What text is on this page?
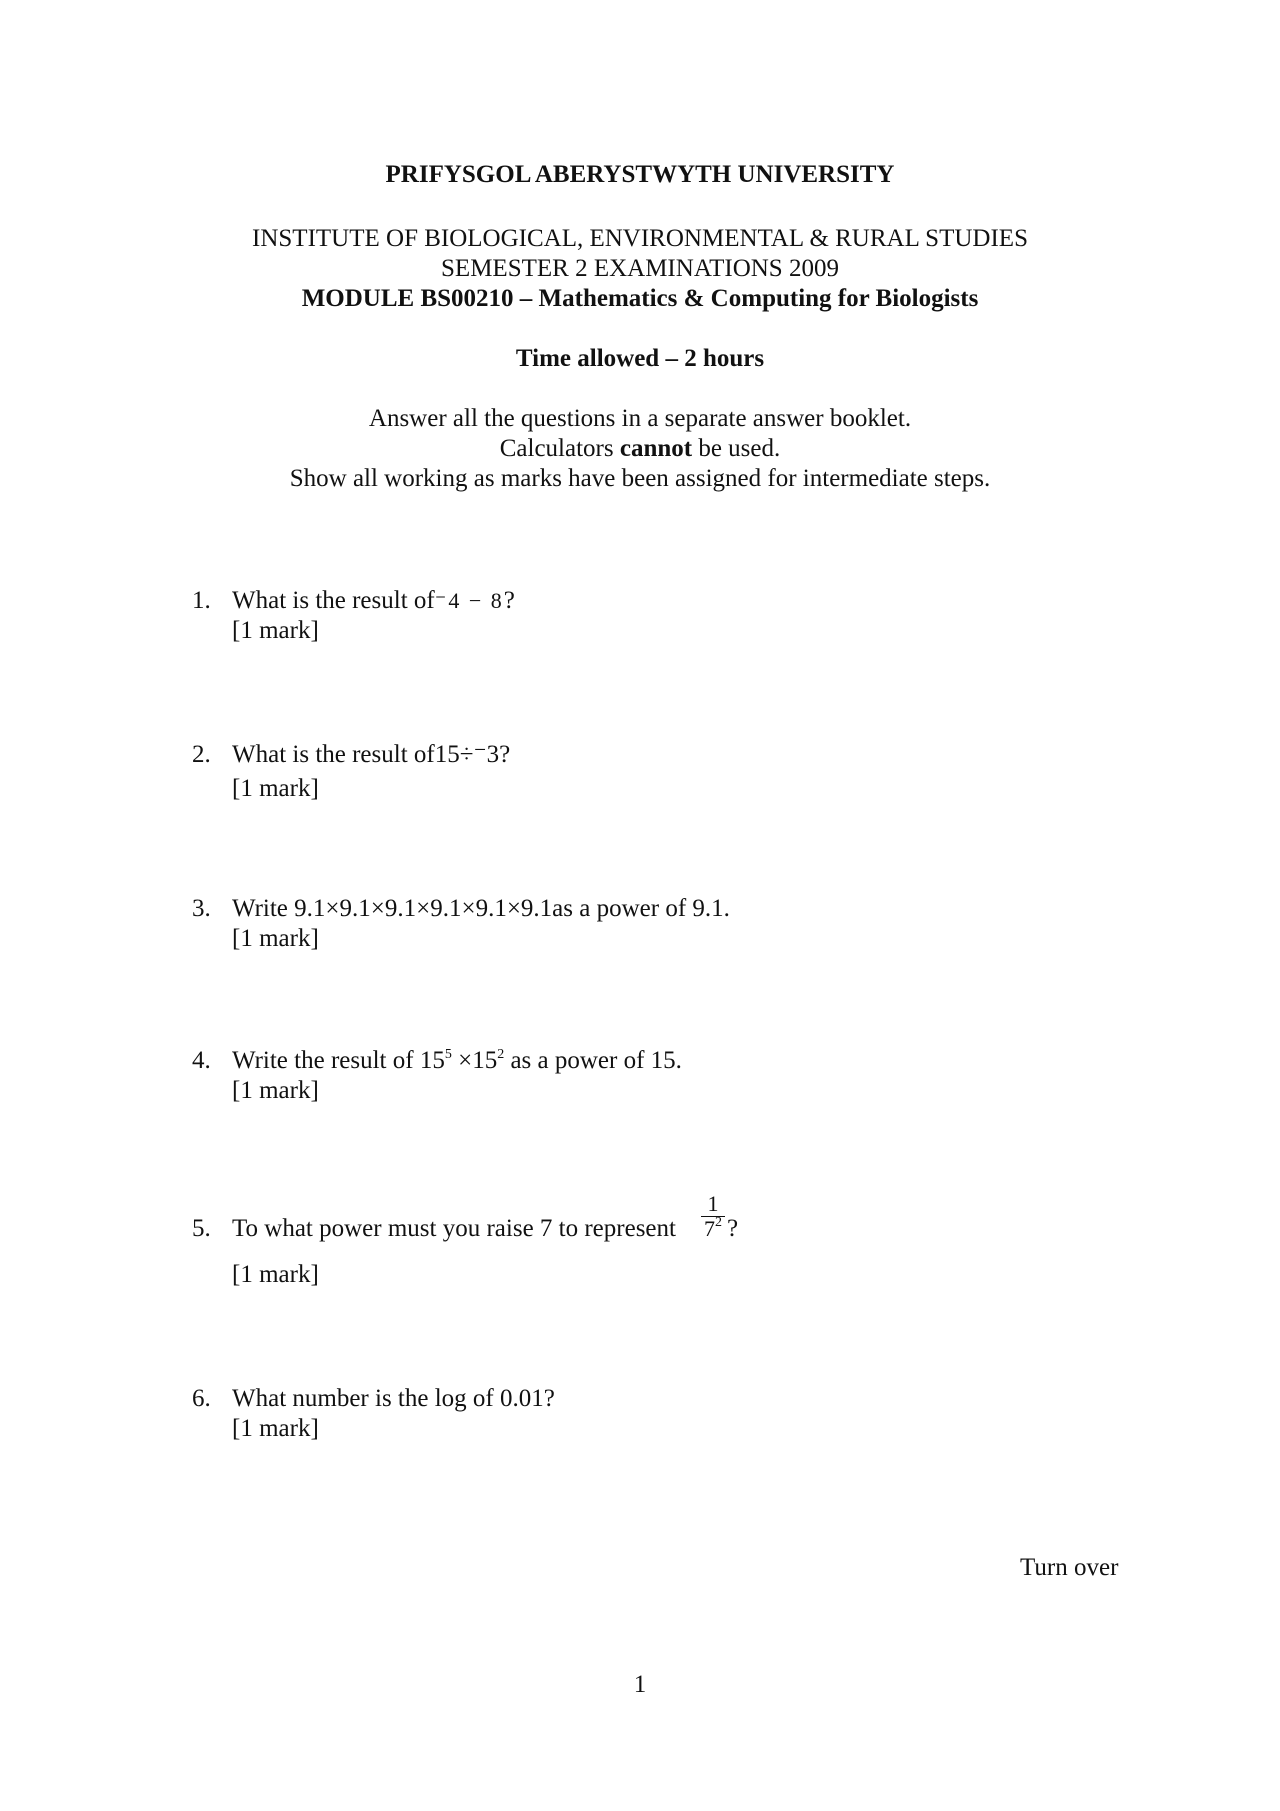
PRIFYSGOL ABERYSTWYTH UNIVERSITY
INSTITUTE OF BIOLOGICAL, ENVIRONMENTAL & RURAL STUDIES
SEMESTER 2 EXAMINATIONS 2009
MODULE BS00210 – Mathematics & Computing for Biologists
Time allowed – 2 hours
Answer all the questions in a separate answer booklet.
Calculators cannot be used.
Show all working as marks have been assigned for intermediate steps.
1. What is the result of⁻4 − 8?
[1 mark]
2. What is the result of15÷⁻3?
[1 mark]
3. Write 9.1×9.1×9.1×9.1×9.1×9.1as a power of 9.1.
[1 mark]
4. Write the result of $15^5 \times 15^2$ as a power of 15.
[1 mark]
5. To what power must you raise 7 to represent $\frac{1}{7^2}$ ?
[1 mark]
6. What number is the log of 0.01?
[1 mark]
Turn over
1
